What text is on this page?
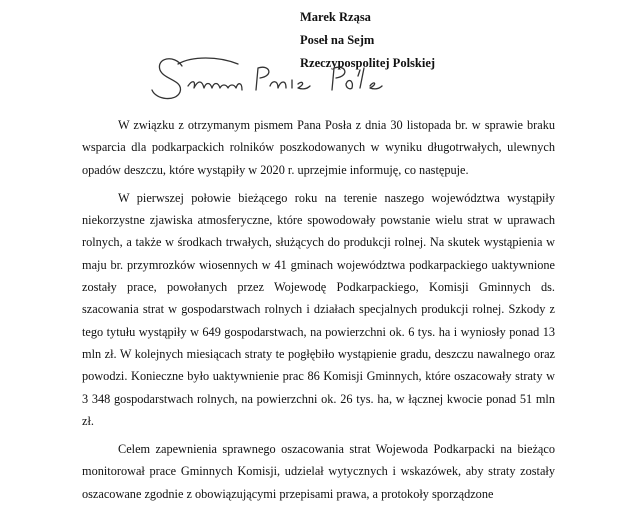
Marek Rząsa
Poseł na Sejm
Rzeczypospolitej Polskiej

W związku z otrzymanym pismem Pana Posła z dnia 30 listopada br. w sprawie braku wsparcia dla podkarpackich rolników poszkodowanych w wyniku długotrwałych, ulewnych opadów deszczu, które wystąpiły w 2020 r. uprzejmie informuję, co następuje.

W pierwszej połowie bieżącego roku na terenie naszego województwa wystąpiły niekorzystne zjawiska atmosferyczne, które spowodowały powstanie wielu strat w uprawach rolnych, a także w środkach trwałych, służących do produkcji rolnej. Na skutek wystąpienia w maju br. przymrozków wiosennych w 41 gminach województwa podkarpackiego uaktywnione zostały prace, powołanych przez Wojewodę Podkarpackiego, Komisji Gminnych ds. szacowania strat w gospodarstwach rolnych i działach specjalnych produkcji rolnej. Szkody z tego tytułu wystąpiły w 649 gospodarstwach, na powierzchni ok. 6 tys. ha i wyniosły ponad 13 mln zł. W kolejnych miesiącach straty te pogłębiło wystąpienie gradu, deszczu nawalnego oraz powodzi. Konieczne było uaktywnienie prac 86 Komisji Gminnych, które oszacowały straty w 3 348 gospodarstwach rolnych, na powierzchni ok. 26 tys. ha, w łącznej kwocie ponad 51 mln zł.

Celem zapewnienia sprawnego oszacowania strat Wojewoda Podkarpacki na bieżąco monitorował prace Gminnych Komisji, udzielał wytycznych i wskazówek, aby straty zostały oszacowane zgodnie z obowiązującymi przepisami prawa, a protokoły sporządzone
